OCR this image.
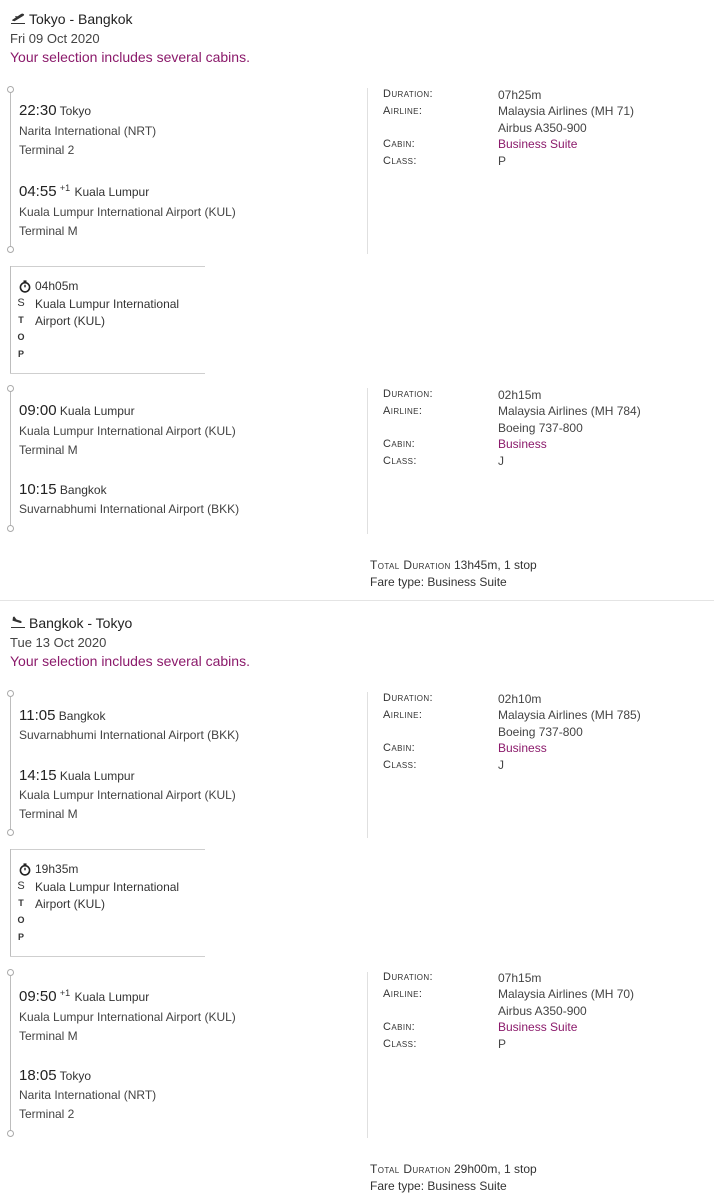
Tokyo - Bangkok
Fri 09 Oct 2020
Your selection includes several cabins.
22:30 Tokyo
Narita International (NRT)
Terminal 2
04:55 $^{+1}$ Kuala Lumpur
Kuala Lumpur International Airport (KUL)
Terminal M
Duration:	07h25m
Airline:	Malaysia Airlines (MH 71)
Airbus A350-900
Cabin:	Business Suite
Class:	P
04h05m
S
T
O
P
Kuala Lumpur International
Airport (KUL)
09:00 Kuala Lumpur
Kuala Lumpur International Airport (KUL)
Terminal M
10:15 Bangkok
Suvarnabhumi International Airport (BKK)
Duration:	02h15m
Airline:	Malaysia Airlines (MH 784)
Boeing 737-800
Cabin:	Business
Class:	J
Total Duration 13h45m, 1 stop
Fare type: Business Suite
Bangkok - Tokyo
Tue 13 Oct 2020
Your selection includes several cabins.
11:05 Bangkok
Suvarnabhumi International Airport (BKK)
14:15 Kuala Lumpur
Kuala Lumpur International Airport (KUL)
Terminal M
Duration:	02h10m
Airline:	Malaysia Airlines (MH 785)
Boeing 737-800
Cabin:	Business
Class:	J
19h35m
S
T
O
P
Kuala Lumpur International
Airport (KUL)
09:50 $^{+1}$ Kuala Lumpur
Kuala Lumpur International Airport (KUL)
Terminal M
18:05 Tokyo
Narita International (NRT)
Terminal 2
Duration:	07h15m
Airline:	Malaysia Airlines (MH 70)
Airbus A350-900
Cabin:	Business Suite
Class:	P
Total Duration 29h00m, 1 stop
Fare type: Business Suite
